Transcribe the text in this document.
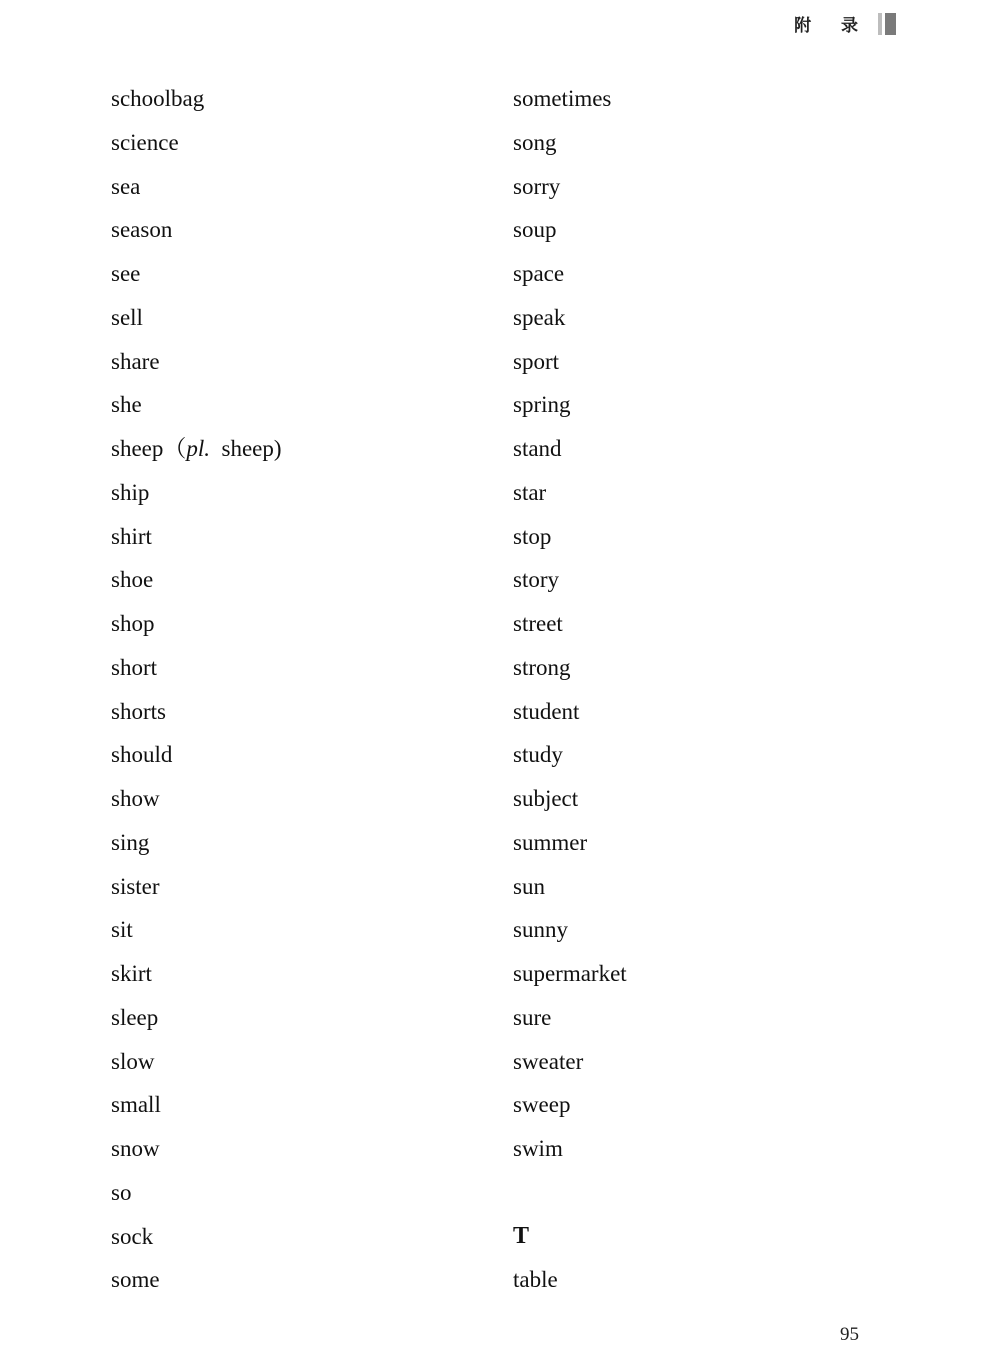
附 录
schoolbag
science
sea
season
see
sell
share
she
sheep（pl.  sheep)
ship
shirt
shoe
shop
short
shorts
should
show
sing
sister
sit
skirt
sleep
slow
small
snow
so
sock
some
sometimes
song
sorry
soup
space
speak
sport
spring
stand
star
stop
story
street
strong
student
study
subject
summer
sun
sunny
supermarket
sure
sweater
sweep
swim
T
table
95
